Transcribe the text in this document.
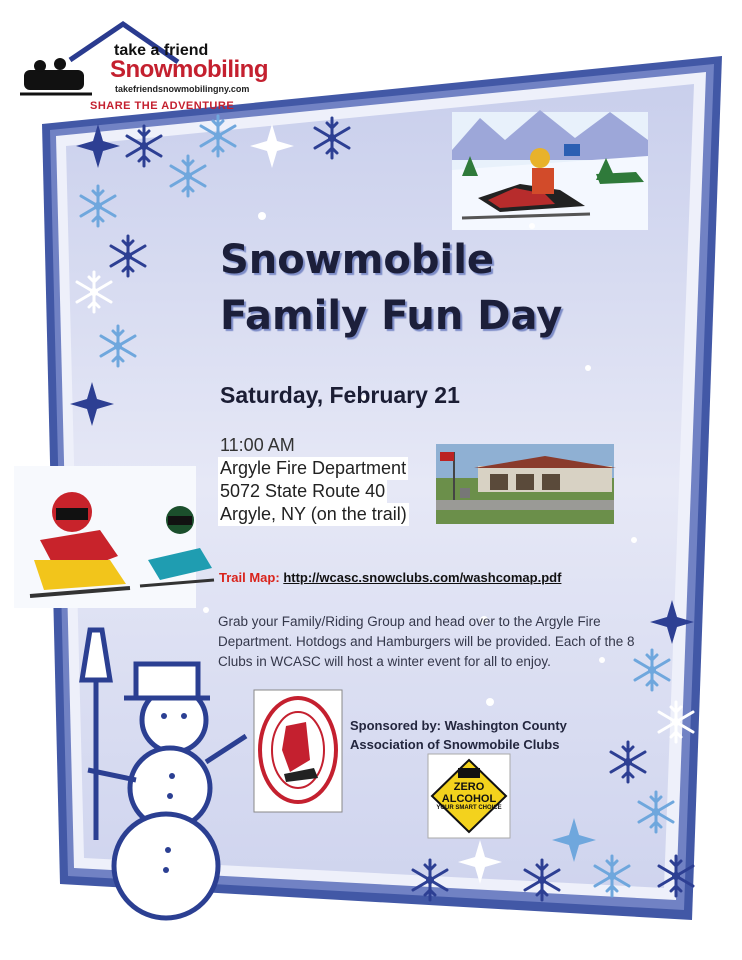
take a friend
Snowmobiling
takefriendsnowmobilingny.com
SHARE THE ADVENTURE
Snowmobile
Family Fun Day
Saturday, February 21
11:00 AM
Argyle Fire Department
5072 State Route 40
Argyle, NY (on the trail)
Trail Map: http://wcasc.snowclubs.com/washcomap.pdf

Grab your Family/Riding Group and head over to the Argyle Fire Department. Hotdogs and Hamburgers will be provided. Each of the 8 Clubs in WCASC will host a winter event for all to enjoy.

Sponsored by: Washington County
Association of Snowmobile Clubs

ZERO
ALCOHOL
YOUR SMART CHOICE
